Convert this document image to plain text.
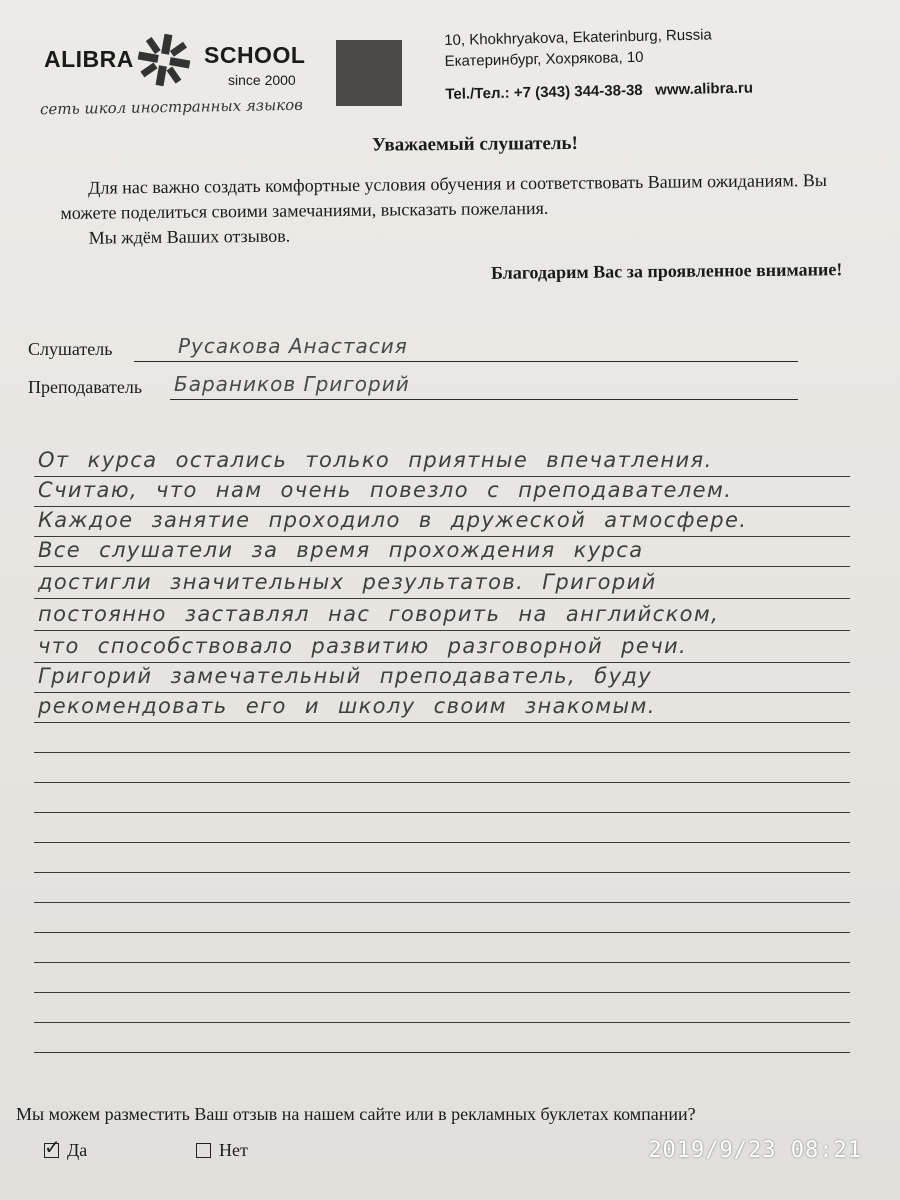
ALIBRA	SCHOOL
since 2000
сеть школ иностранных языков
10, Khokhryakova, Ekaterinburg, Russia
Екатеринбург, Хохрякова, 10
Tel./Тел.: +7 (343) 344-38-38 www.alibra.ru
Уважаемый слушатель!

Для нас важно создать комфортные условия обучения и соответствовать Вашим ожиданиям. Вы можете поделиться своими замечаниями, высказать пожелания.

Мы ждём Ваших отзывов.

Благодарим Вас за проявленное внимание!
Слушатель	Русакова Анастасия
Преподаватель Бараников Григорий
От курса остались только приятные впечатления.
Считаю, что нам очень повезло с преподавателем.
Каждое занятие проходило в дружеской атмосфере.
Все слушатели за время прохождения курса
достигли значительных результатов. Григорий
постоянно заставлял нас говорить на английском,
что способствовало развитию разговорной речи.
Григорий замечательный преподаватель, буду
рекомендовать его и школу своим знакомым.
Мы можем разместить Ваш отзыв на нашем сайте или в рекламных буклетах компании?
✓
Да	Нет	2019/9/23 08:21
